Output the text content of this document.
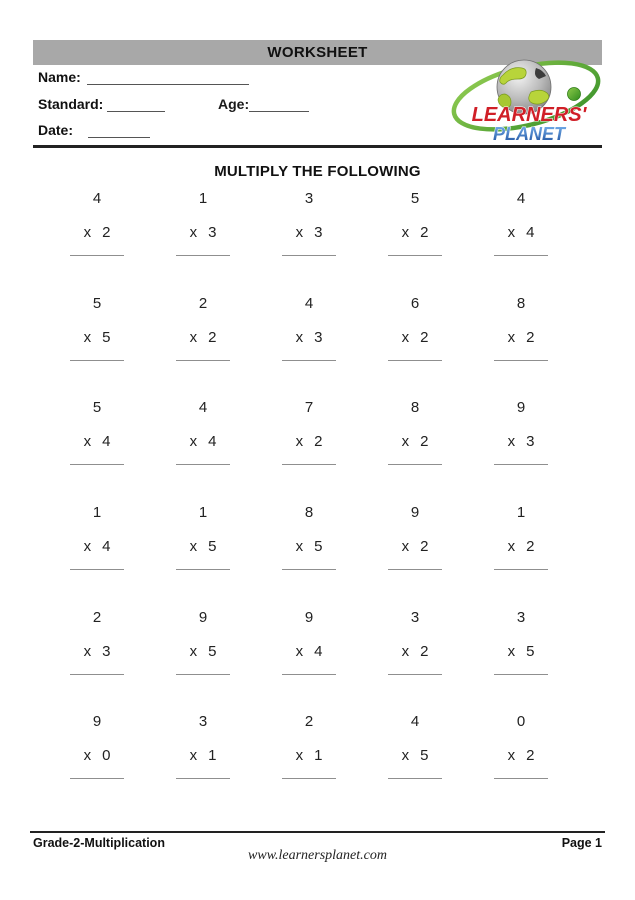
WORKSHEET
Name:
Standard:	Age:
Date:
LEARNERS'
PLANET
MULTIPLY THE FOLLOWING
4
x 2
1
x 3
3
x 3
5
x 2
4
x 4
5
x 5
2
x 2
4
x 3
6
x 2
8
x 2
5
x 4
4
x 4
7
x 2
8
x 2
9
x 3
1
x 4
1
x 5
8
x 5
9
x 2
1
x 2
2
x 3
9
x 5
9
x 4
3
x 2
3
x 5
9
x 0
3
x 1
2
x 1
4
x 5
0
x 2
Grade-2-Multiplication	Page 1
www.learnersplanet.com
